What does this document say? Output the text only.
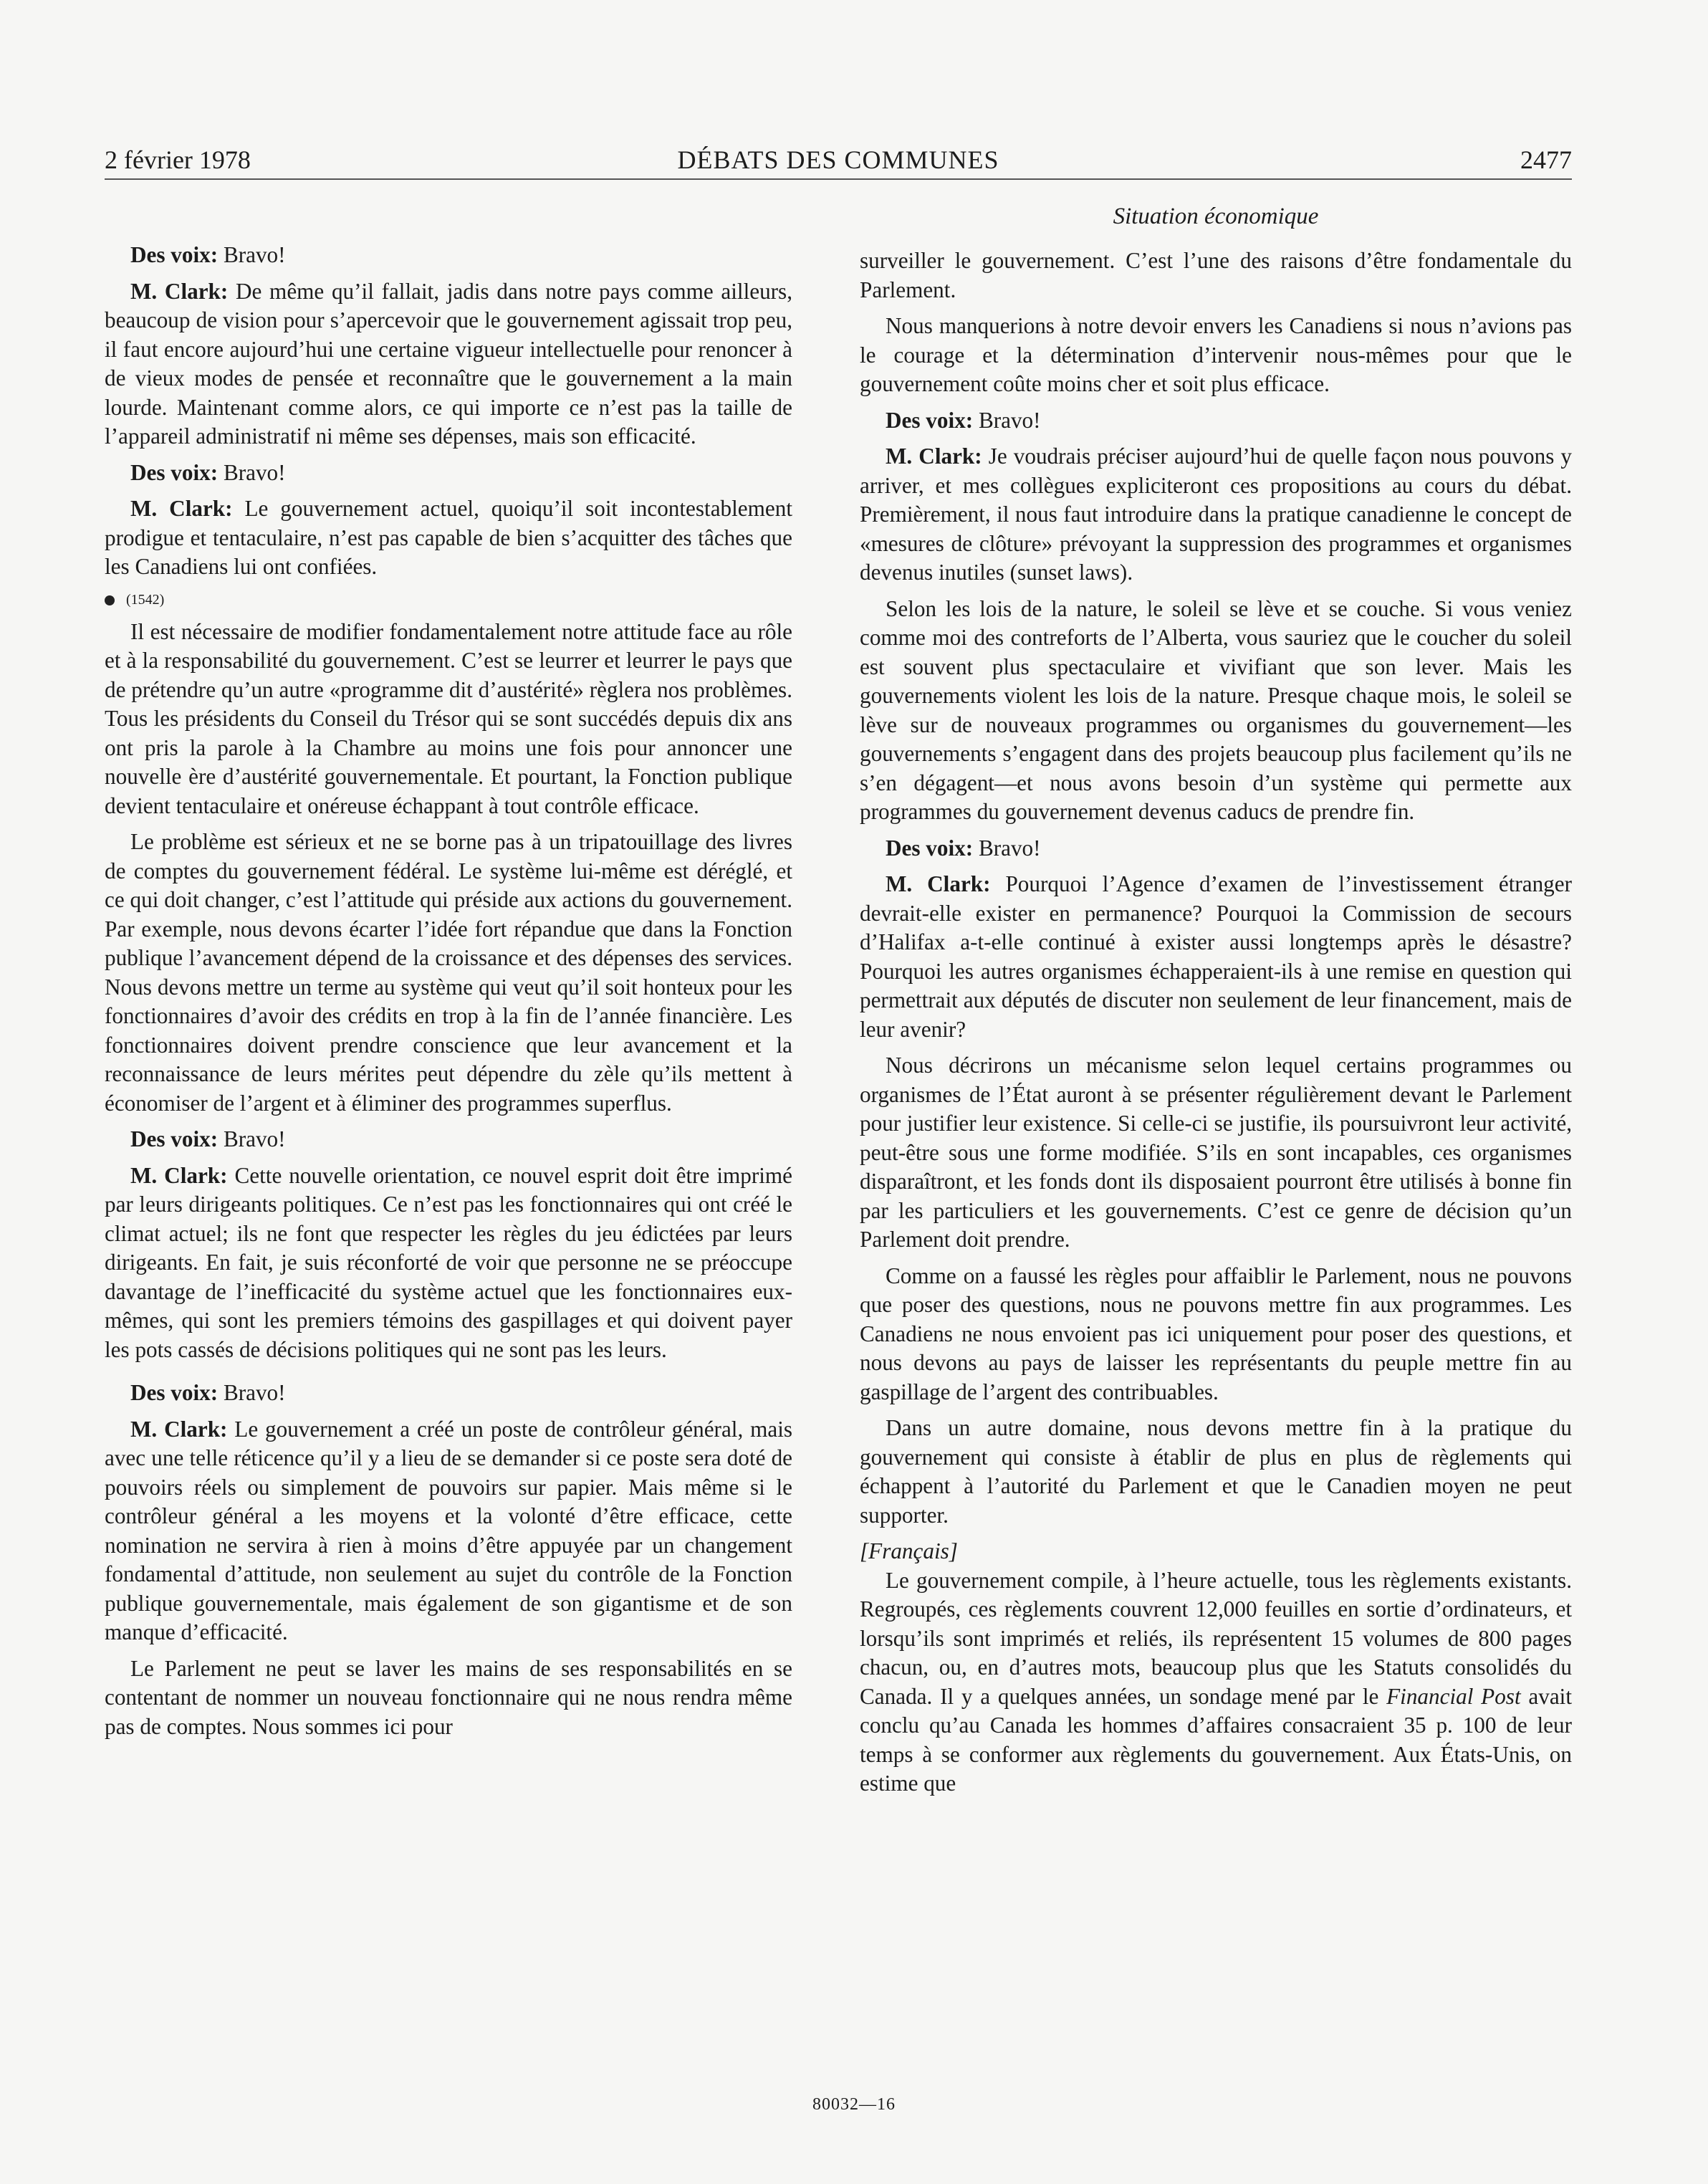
2 février 1978	DÉBATS DES COMMUNES	2477
Situation économique

Des voix: Bravo!

M. Clark: De même qu’il fallait, jadis dans notre pays comme ailleurs, beaucoup de vision pour s’apercevoir que le gouvernement agissait trop peu, il faut encore aujourd’hui une certaine vigueur intellectuelle pour renoncer à de vieux modes de pensée et reconnaître que le gouvernement a la main lourde. Maintenant comme alors, ce qui importe ce n’est pas la taille de l’appareil administratif ni même ses dépenses, mais son efficacité.

Des voix: Bravo!

M. Clark: Le gouvernement actuel, quoiqu’il soit incontestablement prodigue et tentaculaire, n’est pas capable de bien s’acquitter des tâches que les Canadiens lui ont confiées.

(1542)

Il est nécessaire de modifier fondamentalement notre attitude face au rôle et à la responsabilité du gouvernement. C’est se leurrer et leurrer le pays que de prétendre qu’un autre «programme dit d’austérité» règlera nos problèmes. Tous les présidents du Conseil du Trésor qui se sont succédés depuis dix ans ont pris la parole à la Chambre au moins une fois pour annoncer une nouvelle ère d’austérité gouvernementale. Et pourtant, la Fonction publique devient tentaculaire et onéreuse échappant à tout contrôle efficace.

Le problème est sérieux et ne se borne pas à un tripatouillage des livres de comptes du gouvernement fédéral. Le système lui-même est déréglé, et ce qui doit changer, c’est l’attitude qui préside aux actions du gouvernement. Par exemple, nous devons écarter l’idée fort répandue que dans la Fonction publique l’avancement dépend de la croissance et des dépenses des services. Nous devons mettre un terme au système qui veut qu’il soit honteux pour les fonctionnaires d’avoir des crédits en trop à la fin de l’année financière. Les fonctionnaires doivent prendre conscience que leur avancement et la reconnaissance de leurs mérites peut dépendre du zèle qu’ils mettent à économiser de l’argent et à éliminer des programmes superflus.

Des voix: Bravo!

M. Clark: Cette nouvelle orientation, ce nouvel esprit doit être imprimé par leurs dirigeants politiques. Ce n’est pas les fonctionnaires qui ont créé le climat actuel; ils ne font que respecter les règles du jeu édictées par leurs dirigeants. En fait, je suis réconforté de voir que personne ne se préoccupe davantage de l’inefficacité du système actuel que les fonctionnaires eux-mêmes, qui sont les premiers témoins des gaspillages et qui doivent payer les pots cassés de décisions politiques qui ne sont pas les leurs.

Des voix: Bravo!

M. Clark: Le gouvernement a créé un poste de contrôleur général, mais avec une telle réticence qu’il y a lieu de se demander si ce poste sera doté de pouvoirs réels ou simplement de pouvoirs sur papier. Mais même si le contrôleur général a les moyens et la volonté d’être efficace, cette nomination ne servira à rien à moins d’être appuyée par un changement fondamental d’attitude, non seulement au sujet du contrôle de la Fonction publique gouvernementale, mais également de son gigantisme et de son manque d’efficacité.

Le Parlement ne peut se laver les mains de ses responsabilités en se contentant de nommer un nouveau fonctionnaire qui ne nous rendra même pas de comptes. Nous sommes ici pour

surveiller le gouvernement. C’est l’une des raisons d’être fondamentale du Parlement.

Nous manquerions à notre devoir envers les Canadiens si nous n’avions pas le courage et la détermination d’intervenir nous-mêmes pour que le gouvernement coûte moins cher et soit plus efficace.

Des voix: Bravo!

M. Clark: Je voudrais préciser aujourd’hui de quelle façon nous pouvons y arriver, et mes collègues expliciteront ces propositions au cours du débat. Premièrement, il nous faut introduire dans la pratique canadienne le concept de «mesures de clôture» prévoyant la suppression des programmes et organismes devenus inutiles (sunset laws).

Selon les lois de la nature, le soleil se lève et se couche. Si vous veniez comme moi des contreforts de l’Alberta, vous sauriez que le coucher du soleil est souvent plus spectaculaire et vivifiant que son lever. Mais les gouvernements violent les lois de la nature. Presque chaque mois, le soleil se lève sur de nouveaux programmes ou organismes du gouvernement—les gouvernements s’engagent dans des projets beaucoup plus facilement qu’ils ne s’en dégagent—et nous avons besoin d’un système qui permette aux programmes du gouvernement devenus caducs de prendre fin.

Des voix: Bravo!

M. Clark: Pourquoi l’Agence d’examen de l’investissement étranger devrait-elle exister en permanence? Pourquoi la Commission de secours d’Halifax a-t-elle continué à exister aussi longtemps après le désastre? Pourquoi les autres organismes échapperaient-ils à une remise en question qui permettrait aux députés de discuter non seulement de leur financement, mais de leur avenir?

Nous décrirons un mécanisme selon lequel certains programmes ou organismes de l’État auront à se présenter régulièrement devant le Parlement pour justifier leur existence. Si celle-ci se justifie, ils poursuivront leur activité, peut-être sous une forme modifiée. S’ils en sont incapables, ces organismes disparaîtront, et les fonds dont ils disposaient pourront être utilisés à bonne fin par les particuliers et les gouvernements. C’est ce genre de décision qu’un Parlement doit prendre.

Comme on a faussé les règles pour affaiblir le Parlement, nous ne pouvons que poser des questions, nous ne pouvons mettre fin aux programmes. Les Canadiens ne nous envoient pas ici uniquement pour poser des questions, et nous devons au pays de laisser les représentants du peuple mettre fin au gaspillage de l’argent des contribuables.

Dans un autre domaine, nous devons mettre fin à la pratique du gouvernement qui consiste à établir de plus en plus de règlements qui échappent à l’autorité du Parlement et que le Canadien moyen ne peut supporter.

[Français]

Le gouvernement compile, à l’heure actuelle, tous les règlements existants. Regroupés, ces règlements couvrent 12,000 feuilles en sortie d’ordinateurs, et lorsqu’ils sont imprimés et reliés, ils représentent 15 volumes de 800 pages chacun, ou, en d’autres mots, beaucoup plus que les Statuts consolidés du Canada. Il y a quelques années, un sondage mené par le Financial Post avait conclu qu’au Canada les hommes d’affaires consacraient 35 p. 100 de leur temps à se conformer aux règlements du gouvernement. Aux États-Unis, on estime que

80032—16
